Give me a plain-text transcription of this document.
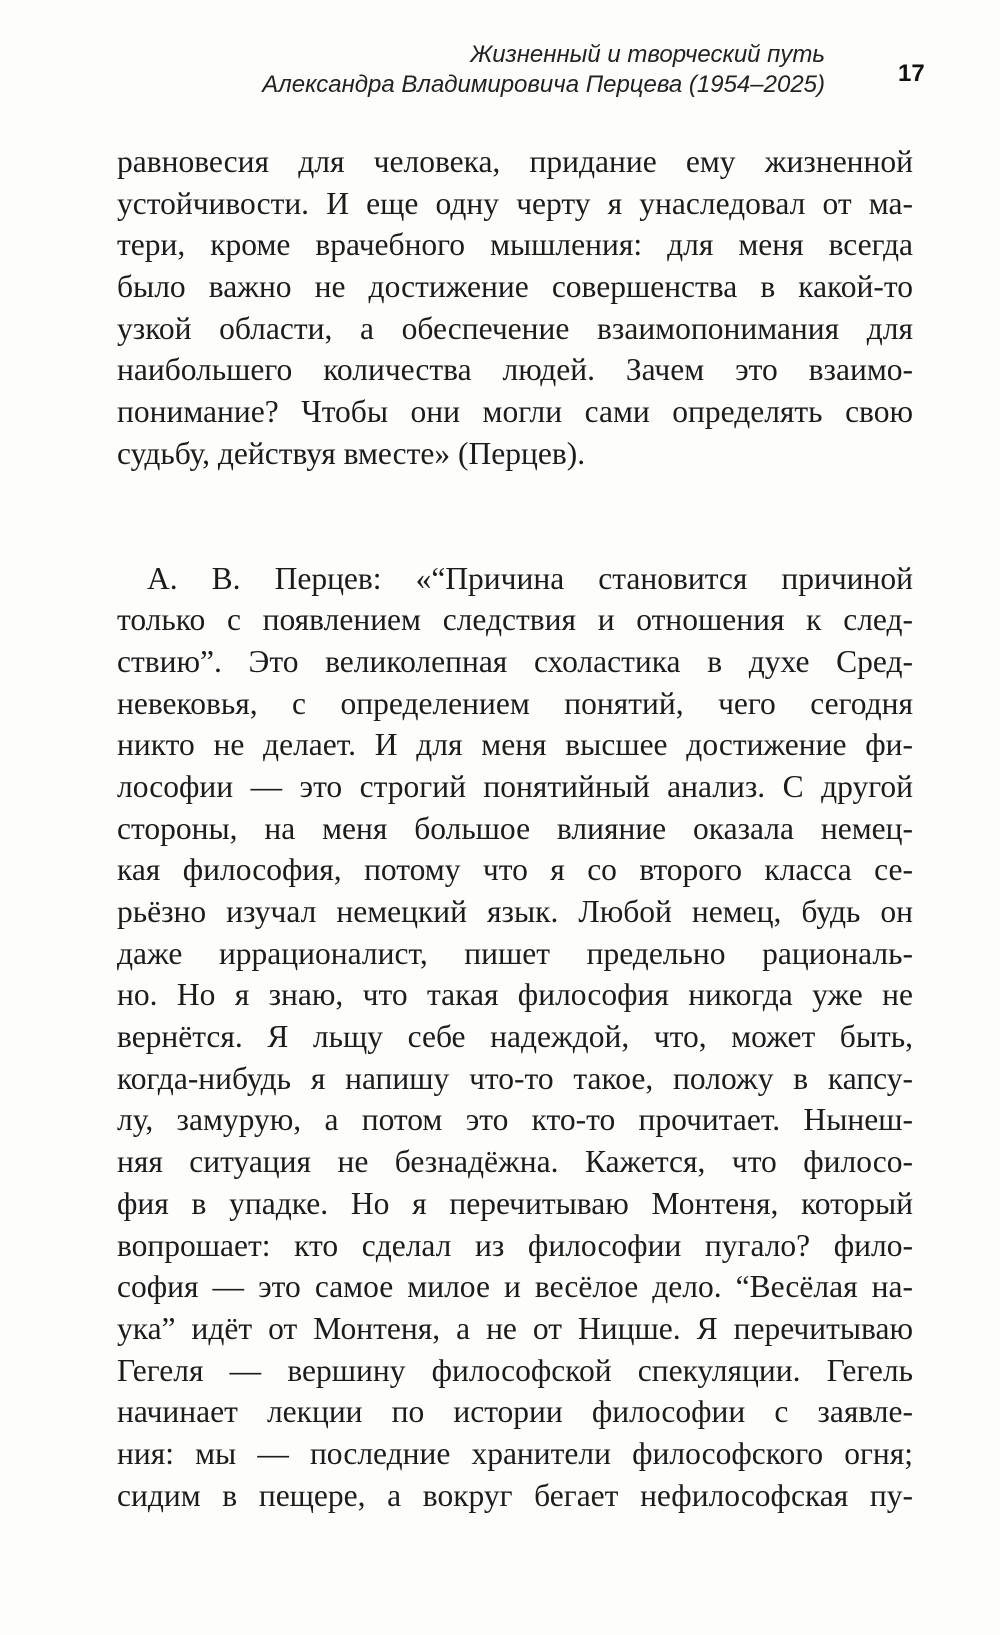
Жизненный и творческий путь
Александра Владимировича Перцева (1954–2025)	17

равновесия для человека, придание ему жизненной
устойчивости. И еще одну черту я унаследовал от ма-
тери, кроме врачебного мышления: для меня всегда
было важно не достижение совершенства в какой-то
узкой области, а обеспечение взаимопонимания для
наибольшего количества людей. Зачем это взаимо-
понимание? Чтобы они могли сами определять свою
судьбу, действуя вместе» (Перцев).

А. В. Перцев: «“Причина становится причиной
только с появлением следствия и отношения к след-
ствию”. Это великолепная схоластика в духе Сред-
невековья, с определением понятий, чего сегодня
никто не делает. И для меня высшее достижение фи-
лософии — это строгий понятийный анализ. С другой
стороны, на меня большое влияние оказала немец-
кая философия, потому что я со второго класса се-
рьёзно изучал немецкий язык. Любой немец, будь он
даже иррационалист, пишет предельно рациональ-
но. Но я знаю, что такая философия никогда уже не
вернётся. Я льщу себе надеждой, что, может быть,
когда-нибудь я напишу что-то такое, положу в капсу-
лу, замурую, а потом это кто-то прочитает. Нынеш-
няя ситуация не безнадёжна. Кажется, что филосо-
фия в упадке. Но я перечитываю Монтеня, который
вопрошает: кто сделал из философии пугало? фило-
софия — это самое милое и весёлое дело. “Весёлая на-
ука” идёт от Монтеня, а не от Ницше. Я перечитываю
Гегеля — вершину философской спекуляции. Гегель
начинает лекции по истории философии с заявле-
ния: мы — последние хранители философского огня;
сидим в пещере, а вокруг бегает нефилософская пу-
